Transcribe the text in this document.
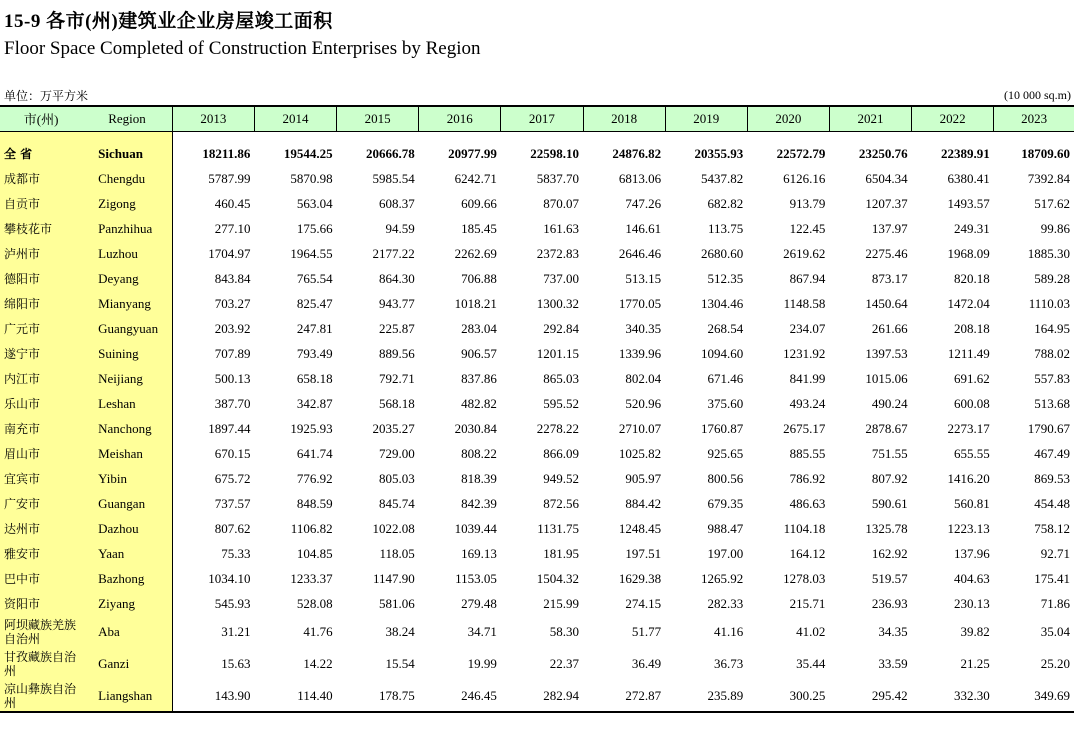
15-9 各市(州)建筑业企业房屋竣工面积
Floor Space Completed of Construction Enterprises by Region
单位：万平方米	(10 000 sq.m)
市(州)	Region	2013	2014	2015	2016	2017	2018	2019	2020	2021	2022	2023

全 省	Sichuan	18211.86	19544.25	20666.78	20977.99	22598.10	24876.82	20355.93	22572.79	23250.76	22389.91	18709.60
成都市	Chengdu	5787.99	5870.98	5985.54	6242.71	5837.70	6813.06	5437.82	6126.16	6504.34	6380.41	7392.84
自贡市	Zigong	460.45	563.04	608.37	609.66	870.07	747.26	682.82	913.79	1207.37	1493.57	517.62
攀枝花市	Panzhihua	277.10	175.66	94.59	185.45	161.63	146.61	113.75	122.45	137.97	249.31	99.86
泸州市	Luzhou	1704.97	1964.55	2177.22	2262.69	2372.83	2646.46	2680.60	2619.62	2275.46	1968.09	1885.30
德阳市	Deyang	843.84	765.54	864.30	706.88	737.00	513.15	512.35	867.94	873.17	820.18	589.28
绵阳市	Mianyang	703.27	825.47	943.77	1018.21	1300.32	1770.05	1304.46	1148.58	1450.64	1472.04	1110.03
广元市	Guangyuan	203.92	247.81	225.87	283.04	292.84	340.35	268.54	234.07	261.66	208.18	164.95
遂宁市	Suining	707.89	793.49	889.56	906.57	1201.15	1339.96	1094.60	1231.92	1397.53	1211.49	788.02
内江市	Neijiang	500.13	658.18	792.71	837.86	865.03	802.04	671.46	841.99	1015.06	691.62	557.83
乐山市	Leshan	387.70	342.87	568.18	482.82	595.52	520.96	375.60	493.24	490.24	600.08	513.68
南充市	Nanchong	1897.44	1925.93	2035.27	2030.84	2278.22	2710.07	1760.87	2675.17	2878.67	2273.17	1790.67
眉山市	Meishan	670.15	641.74	729.00	808.22	866.09	1025.82	925.65	885.55	751.55	655.55	467.49
宜宾市	Yibin	675.72	776.92	805.03	818.39	949.52	905.97	800.56	786.92	807.92	1416.20	869.53
广安市	Guangan	737.57	848.59	845.74	842.39	872.56	884.42	679.35	486.63	590.61	560.81	454.48
达州市	Dazhou	807.62	1106.82	1022.08	1039.44	1131.75	1248.45	988.47	1104.18	1325.78	1223.13	758.12
雅安市	Yaan	75.33	104.85	118.05	169.13	181.95	197.51	197.00	164.12	162.92	137.96	92.71
巴中市	Bazhong	1034.10	1233.37	1147.90	1153.05	1504.32	1629.38	1265.92	1278.03	519.57	404.63	175.41
资阳市	Ziyang	545.93	528.08	581.06	279.48	215.99	274.15	282.33	215.71	236.93	230.13	71.86
阿坝藏族羌族自治州	Aba	31.21	41.76	38.24	34.71	58.30	51.77	41.16	41.02	34.35	39.82	35.04
甘孜藏族自治州	Ganzi	15.63	14.22	15.54	19.99	22.37	36.49	36.73	35.44	33.59	21.25	25.20
凉山彝族自治州	Liangshan	143.90	114.40	178.75	246.45	282.94	272.87	235.89	300.25	295.42	332.30	349.69
